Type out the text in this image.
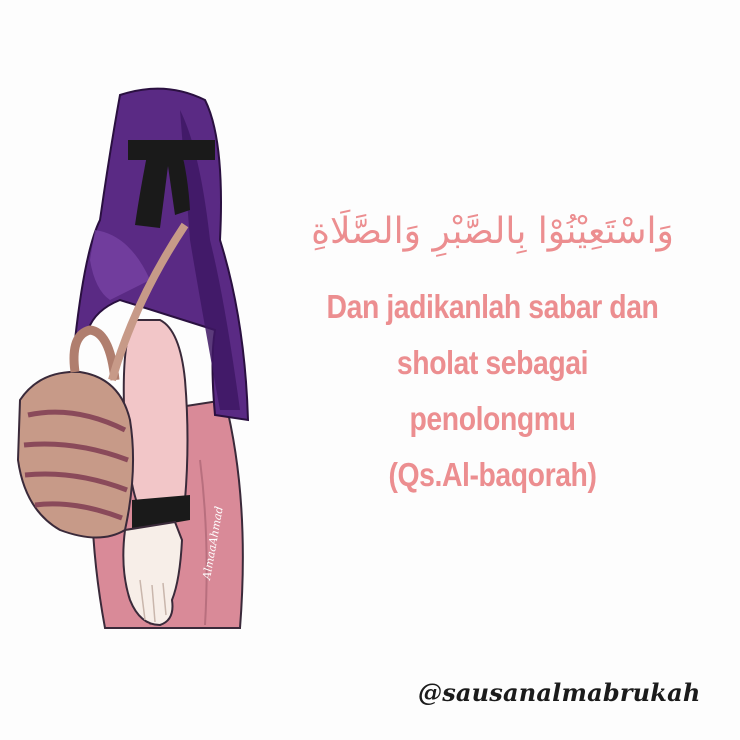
AlmaaAhmad
وَاسْتَعِيْنُوْا بِالصَّبْرِ وَالصَّلَاةِ
Dan jadikanlah sabar dan
sholat sebagai
penolongmu
(Qs.Al-baqorah)
@sausanalmabrukah
